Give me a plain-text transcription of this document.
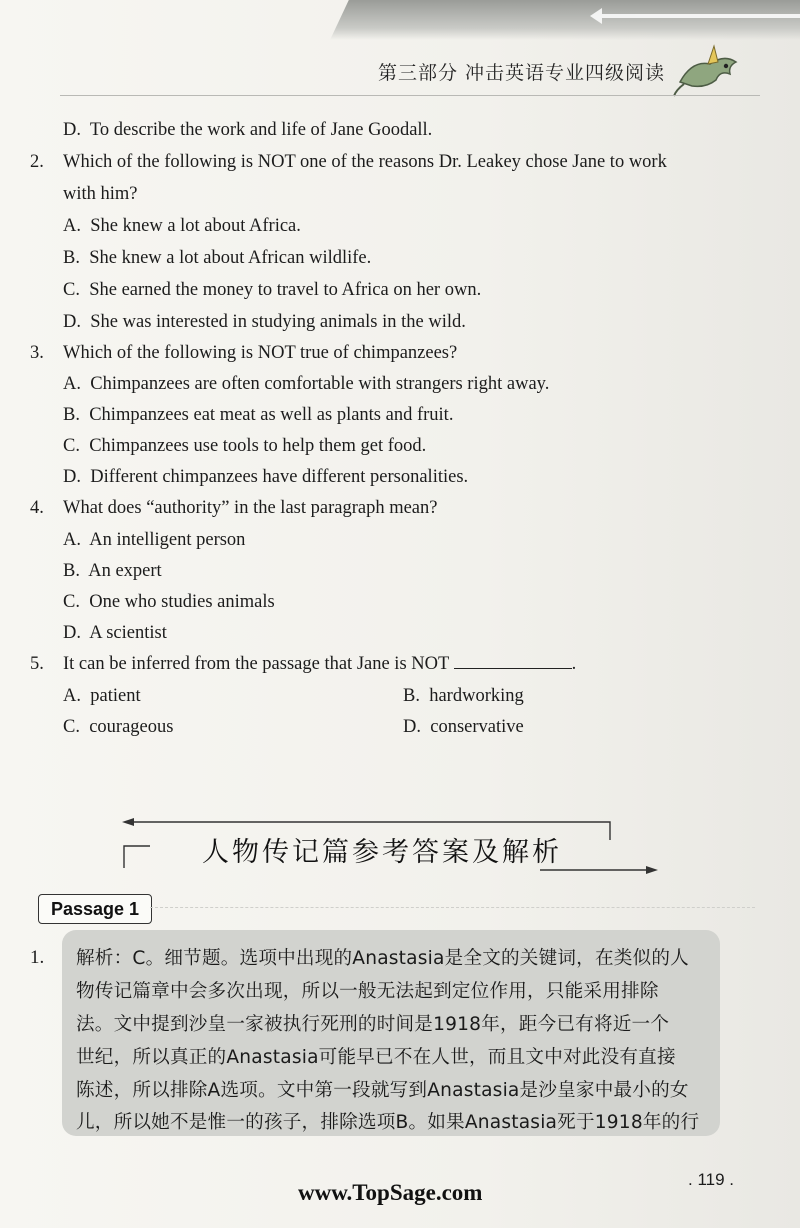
第三部分 冲击英语专业四级阅读
D. To describe the work and life of Jane Goodall.
2. Which of the following is NOT one of the reasons Dr. Leakey chose Jane to work
with him?
A. She knew a lot about Africa.
B. She knew a lot about African wildlife.
C. She earned the money to travel to Africa on her own.
D. She was interested in studying animals in the wild.
3. Which of the following is NOT true of chimpanzees?
A. Chimpanzees are often comfortable with strangers right away.
B. Chimpanzees eat meat as well as plants and fruit.
C. Chimpanzees use tools to help them get food.
D. Different chimpanzees have different personalities.
4. What does “authority” in the last paragraph mean?
A. An intelligent person
B. An expert
C. One who studies animals
D. A scientist
5. It can be inferred from the passage that Jane is NOT	.
A. patient	B. hardworking
C. courageous	D. conservative
人物传记篇参考答案及解析
Passage 1
1. 解析：C。细节题。选项中出现的Anastasia是全文的关键词，在类似的人
物传记篇章中会多次出现，所以一般无法起到定位作用，只能采用排除
法。文中提到沙皇一家被执行死刑的时间是1918年，距今已有将近一个
世纪，所以真正的Anastasia可能早已不在人世，而且文中对此没有直接
陈述，所以排除A选项。文中第一段就写到Anastasia是沙皇家中最小的女
儿，所以她不是惟一的孩子，排除选项B。如果Anastasia死于1918年的行
. 119 .
www.TopSage.com
